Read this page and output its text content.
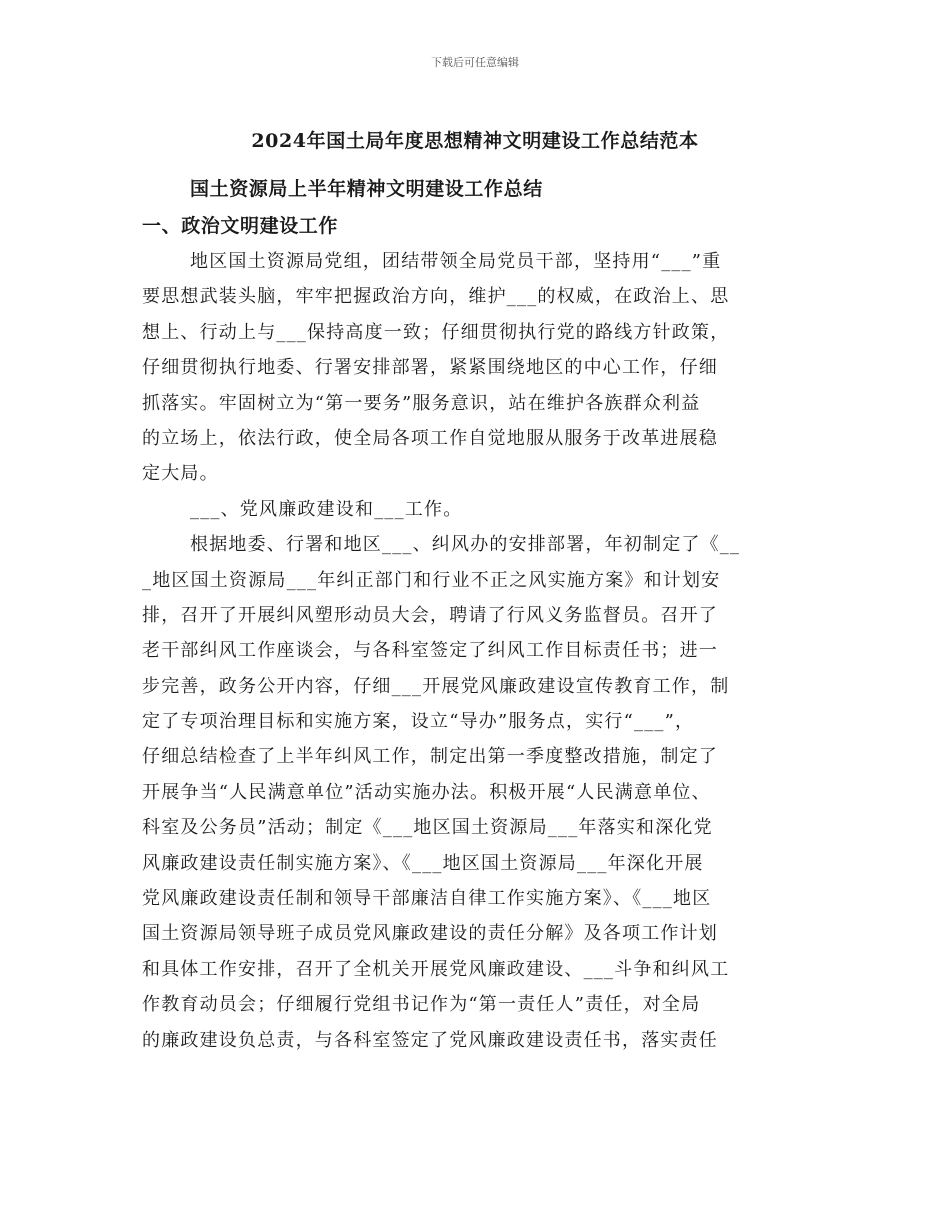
下载后可任意编辑
2024年国土局年度思想精神文明建设工作总结范本
国土资源局上半年精神文明建设工作总结
一、政治文明建设工作
地区国土资源局党组，团结带领全局党员干部，坚持用“___”重
要思想武装头脑，牢牢把握政治方向，维护___的权威，在政治上、思
想上、行动上与___保持高度一致；仔细贯彻执行党的路线方针政策，
仔细贯彻执行地委、行署安排部署，紧紧围绕地区的中心工作，仔细
抓落实。牢固树立为“第一要务”服务意识，站在维护各族群众利益
的立场上，依法行政，使全局各项工作自觉地服从服务于改革进展稳
定大局。
___、党风廉政建设和___工作。
根据地委、行署和地区___、纠风办的安排部署，年初制定了《__
_地区国土资源局___年纠正部门和行业不正之风实施方案》和计划安
排，召开了开展纠风塑形动员大会，聘请了行风义务监督员。召开了
老干部纠风工作座谈会，与各科室签定了纠风工作目标责任书；进一
步完善，政务公开内容，仔细___开展党风廉政建设宣传教育工作，制
定了专项治理目标和实施方案，设立“导办”服务点，实行“___”，
仔细总结检查了上半年纠风工作，制定出第一季度整改措施，制定了
开展争当“人民满意单位”活动实施办法。积极开展“人民满意单位、
科室及公务员”活动；制定《___地区国土资源局___年落实和深化党
风廉政建设责任制实施方案》、《___地区国土资源局___年深化开展
党风廉政建设责任制和领导干部廉洁自律工作实施方案》、《___地区
国土资源局领导班子成员党风廉政建设的责任分解》及各项工作计划
和具体工作安排，召开了全机关开展党风廉政建设、___斗争和纠风工
作教育动员会；仔细履行党组书记作为“第一责任人”责任，对全局
的廉政建设负总责，与各科室签定了党风廉政建设责任书，落实责任
